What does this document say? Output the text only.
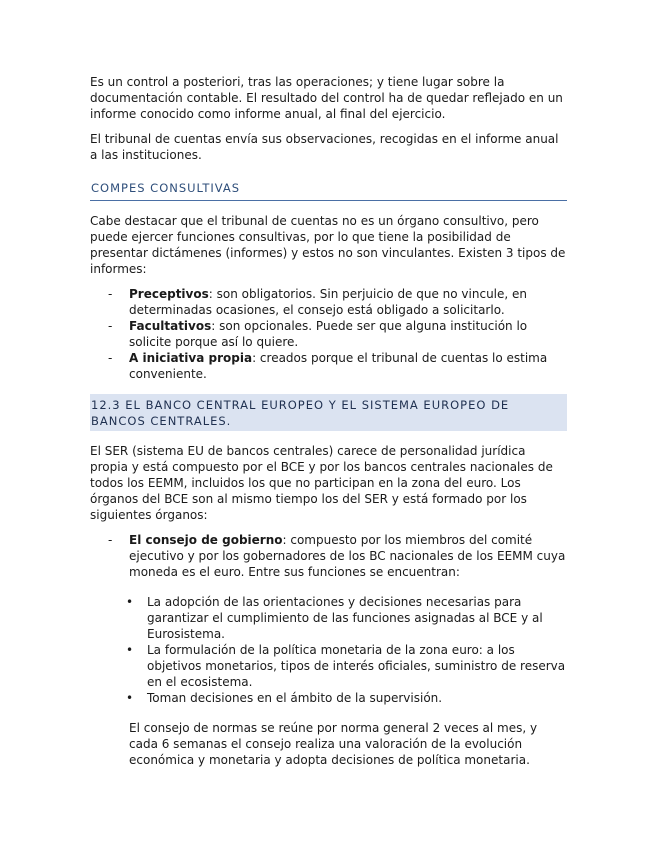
Es un control a posteriori, tras las operaciones; y tiene lugar sobre la documentación contable. El resultado del control ha de quedar reflejado en un informe conocido como informe anual, al final del ejercicio.

El tribunal de cuentas envía sus observaciones, recogidas en el informe anual a las instituciones.

COMPES CONSULTIVAS

Cabe destacar que el tribunal de cuentas no es un órgano consultivo, pero puede ejercer funciones consultivas, por lo que tiene la posibilidad de presentar dictámenes (informes) y estos no son vinculantes. Existen 3 tipos de informes:

- Preceptivos: son obligatorios. Sin perjuicio de que no vincule, en determinadas ocasiones, el consejo está obligado a solicitarlo.
- Facultativos: son opcionales. Puede ser que alguna institución lo solicite porque así lo quiere.
- A iniciativa propia: creados porque el tribunal de cuentas lo estima conveniente.
12.3 EL BANCO CENTRAL EUROPEO Y EL SISTEMA EUROPEO DE BANCOS CENTRALES.

El SER (sistema EU de bancos centrales) carece de personalidad jurídica propia y está compuesto por el BCE y por los bancos centrales nacionales de todos los EEMM, incluidos los que no participan en la zona del euro. Los órganos del BCE son al mismo tiempo los del SER y está formado por los siguientes órganos:

- El consejo de gobierno: compuesto por los miembros del comité ejecutivo y por los gobernadores de los BC nacionales de los EEMM cuya moneda es el euro. Entre sus funciones se encuentran:
• La adopción de las orientaciones y decisiones necesarias para garantizar el cumplimiento de las funciones asignadas al BCE y al Eurosistema.
• La formulación de la política monetaria de la zona euro: a los objetivos monetarios, tipos de interés oficiales, suministro de reserva en el ecosistema.
• Toman decisiones en el ámbito de la supervisión.

El consejo de normas se reúne por norma general 2 veces al mes, y cada 6 semanas el consejo realiza una valoración de la evolución económica y monetaria y adopta decisiones de política monetaria.
